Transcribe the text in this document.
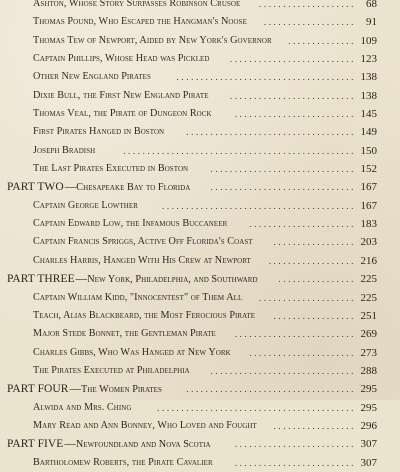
Ashton, Whose Story Surpasses Robinson Crusoe .................... 68
Thomas Pound, Who Escaped the Hangman's Noose ................... 91
Thomas Tew of Newport, Aided by New York's Governor .............. 109
Captain Phillips, Whose Head was Pickled .......................... 123
Other New England Pirates	..................................... 138
Dixie Bull, the First New England Pirate .......................... 138
Thomas Veal, the Pirate of Dungeon Rock	......................... 145
First Pirates Hanged in Boston ................................... 149
Joseph Bradish	................................................ 150
The Last Pirates Executed in Boston .............................. 152
PART TWO—Chesapeake Bay to Florida .............................. 167
Captain George Lowther	........................................ 167
Captain Edward Low, the Infamous Buccaneer ...................... 183
Captain Francis Spriggs, Active Off Florida's Coast ................. 203
Charles Harris, Hanged With His Crew at Newport .................. 216
PART THREE—New York, Philadelphia, and Southward ................ 225
Captain William Kidd, "Innocentest" of Them All .................... 225
Teach, Alias Blackbeard, the Most Ferocious Pirate ................. 251
Major Stede Bonnet, the Gentleman Pirate ......................... 269
Charles Gibbs, Who Was Hanged at New York ...................... 273
The Pirates Executed at Philadelphia .............................. 288
PART FOUR—The Women Pirates	................................... 295
Alwida and Mrs. Ching	......................................... 295
Mary Read and Ann Bonney, Who Loved and Fought ................. 296
PART FIVE—Newfoundland and Nova Scotia	......................... 307
Bartholomew Roberts, the Pirate Cavalier ......................... 307
